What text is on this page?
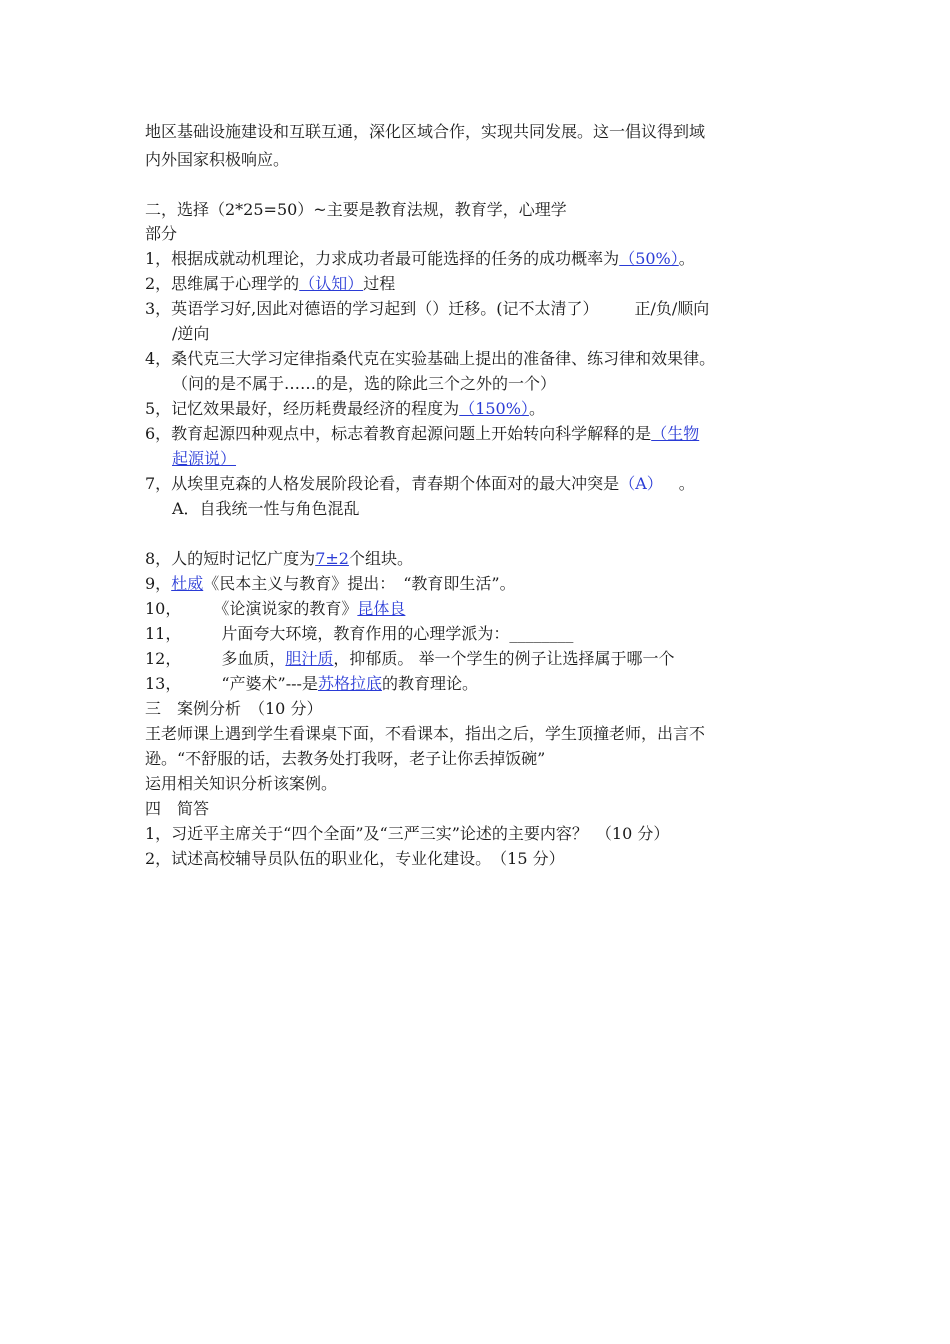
地区基础设施建设和互联互通，深化区域合作，实现共同发展。这一倡议得到域
内外国家积极响应。
二，选择（2*25=50）~主要是教育法规，教育学，心理学
部分
1，根据成就动机理论，力求成功者最可能选择的任务的成功概率为（50%）。
2，思维属于心理学的（认知）过程
3，英语学习好,因此对德语的学习起到（）迁移。(记不太清了） 正/负/顺向
/逆向
4，桑代克三大学习定律指桑代克在实验基础上提出的准备律、练习律和效果律。
（问的是不属于……的是，选的除此三个之外的一个）
5，记忆效果最好，经历耗费最经济的程度为（150%）。
6，教育起源四种观点中，标志着教育起源问题上开始转向科学解释的是（生物
起源说）
7，从埃里克森的人格发展阶段论看，青春期个体面对的最大冲突是（A） 。
A．自我统一性与角色混乱
8，人的短时记忆广度为7±2个组块。
9，杜威《民本主义与教育》提出：　“教育即生活”。
10， 《论演说家的教育》昆体良
11，	片面夸大环境，教育作用的心理学派为：________
12，	多血质，胆汁质，抑郁质。 举一个学生的例子让选择属于哪一个
13，	“产婆术”---是苏格拉底的教育理论。
三　案例分析　（10 分）
王老师课上遇到学生看课桌下面，不看课本，指出之后，学生顶撞老师，出言不
逊。“不舒服的话，去教务处打我呀，老子让你丢掉饭碗”
运用相关知识分析该案例。
四　简答
1，习近平主席关于“四个全面”及“三严三实”论述的主要内容？　（10 分）
2，试述高校辅导员队伍的职业化，专业化建设。　（15 分）
